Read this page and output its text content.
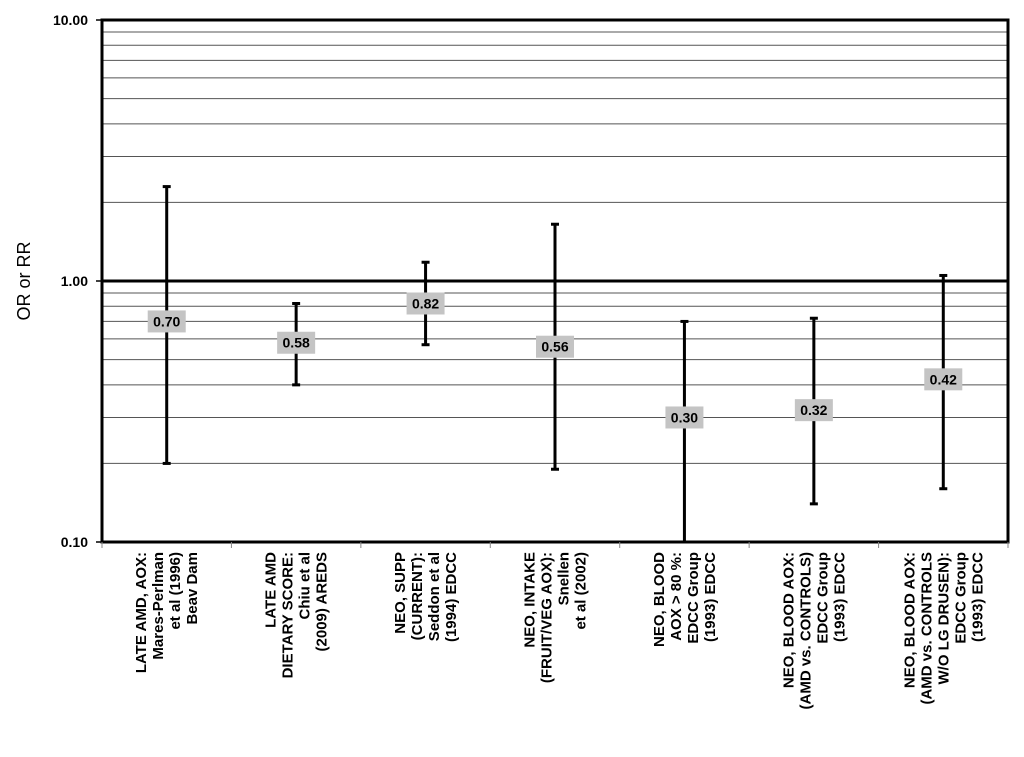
0.10
1.00
10.00
0.70
0.58
0.82
0.56
0.30	0.32
0.42
LATE AMD, AOX: Mares-Perlman et al (1996) Beav Dam	LATE AMD DIETARY SCORE: Chiu et al (2009) AREDS	NEO, SUPP (CURRENT): Seddon et al (1994) EDCC	NEO, INTAKE (FRUIT/VEG AOX): Snellen et al (2002)	NEO, BLOOD AOX > 80 %: EDCC Group (1993) EDCC	NEO, BLOOD AOX: (AMD vs. CONTROLS) EDCC Group (1993) EDCC	NEO, BLOOD AOX: (AMD vs. CONTROLS W/O LG DRUSEN): EDCC Group (1993) EDCC
OR or RR
